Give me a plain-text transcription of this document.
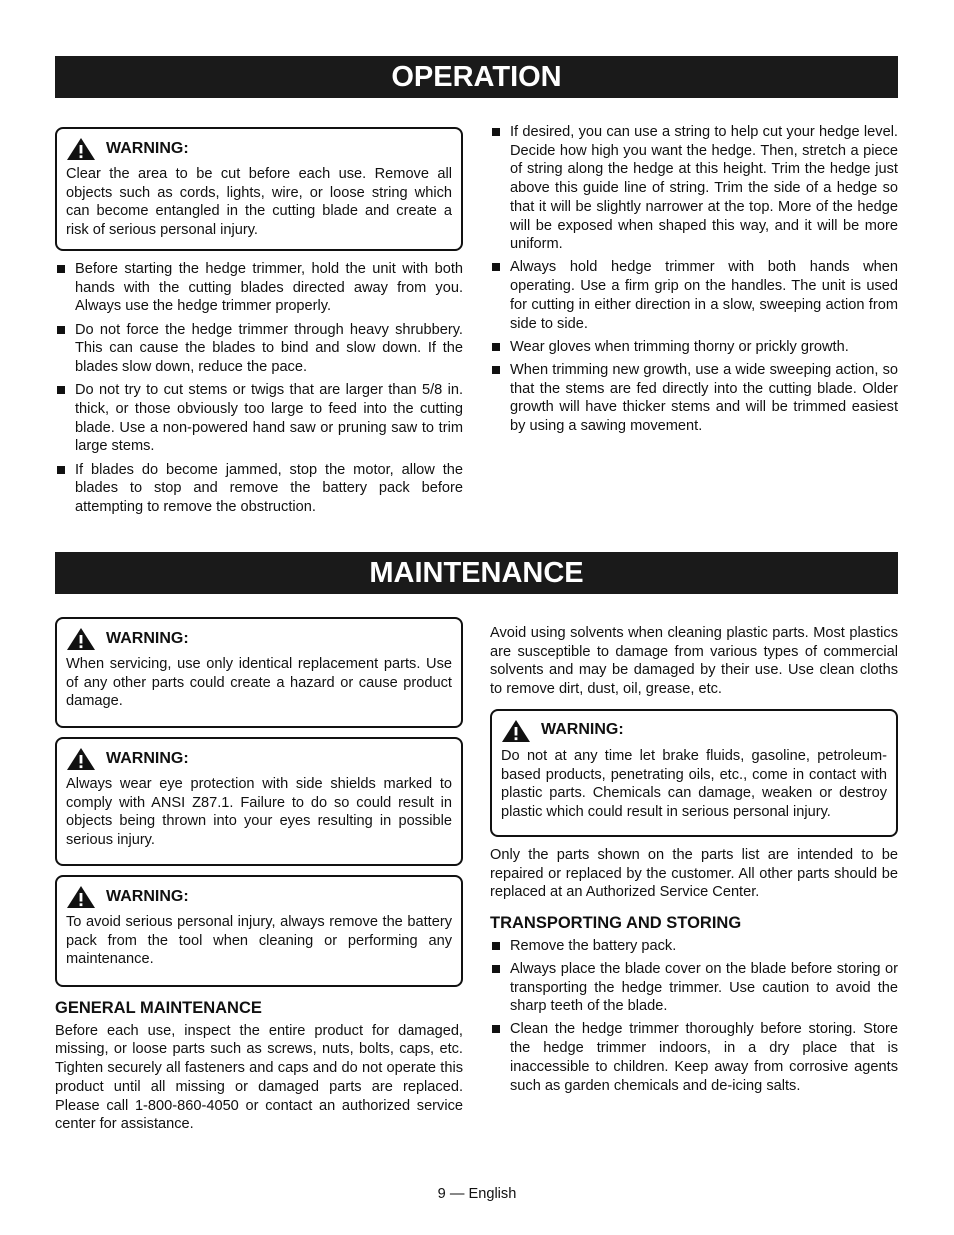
OPERATION
WARNING:

Clear the area to be cut before each use. Remove all objects such as cords, lights, wire, or loose string which can become entangled in the cutting blade and create a risk of serious personal injury.

Before starting the hedge trimmer, hold the unit with both hands with the cutting blades directed away from you. Always use the hedge trimmer properly.
Do not force the hedge trimmer through heavy shrubbery. This can cause the blades to bind and slow down. If the blades slow down, reduce the pace.
Do not try to cut stems or twigs that are larger than 5/8 in. thick, or those obviously too large to feed into the cutting blade. Use a non-powered hand saw or pruning saw to trim large stems.
If blades do become jammed, stop the motor, allow the blades to stop and remove the battery pack before attempting to remove the obstruction.
If desired, you can use a string to help cut your hedge level. Decide how high you want the hedge. Then, stretch a piece of string along the hedge at this height. Trim the hedge just above this guide line of string. Trim the side of a hedge so that it will be slightly narrower at the top. More of the hedge will be exposed when shaped this way, and it will be more uniform.
Always hold hedge trimmer with both hands when operating. Use a firm grip on the handles. The unit is used for cutting in either direction in a slow, sweeping action from side to side.
Wear gloves when trimming thorny or prickly growth.
When trimming new growth, use a wide sweeping action, so that the stems are fed directly into the cutting blade. Older growth will have thicker stems and will be trimmed easiest by using a sawing movement.
MAINTENANCE
WARNING:

When servicing, use only identical replacement parts. Use of any other parts could create a hazard or cause product damage.

WARNING:

Always wear eye protection with side shields marked to comply with ANSI Z87.1. Failure to do so could result in objects being thrown into your eyes resulting in possible serious injury.

WARNING:

To avoid serious personal injury, always remove the battery pack from the tool when cleaning or performing any maintenance.

GENERAL MAINTENANCE

Before each use, inspect the entire product for damaged, missing, or loose parts such as screws, nuts, bolts, caps, etc. Tighten securely all fasteners and caps and do not operate this product until all missing or damaged parts are replaced. Please call 1-800-860-4050 or contact an authorized service center for assistance.

Avoid using solvents when cleaning plastic parts. Most plastics are susceptible to damage from various types of commercial solvents and may be damaged by their use. Use clean cloths to remove dirt, dust, oil, grease, etc.

WARNING:

Do not at any time let brake fluids, gasoline, petroleum-based products, penetrating oils, etc., come in contact with plastic parts. Chemicals can damage, weaken or destroy plastic which could result in serious personal injury.

Only the parts shown on the parts list are intended to be repaired or replaced by the customer. All other parts should be replaced at an Authorized Service Center.

TRANSPORTING AND STORING
Remove the battery pack.
Always place the blade cover on the blade before storing or transporting the hedge trimmer. Use caution to avoid the sharp teeth of the blade.
Clean the hedge trimmer thoroughly before storing. Store the hedge trimmer indoors, in a dry place that is inaccessible to children. Keep away from corrosive agents such as garden chemicals and de-icing salts.
9 — English
